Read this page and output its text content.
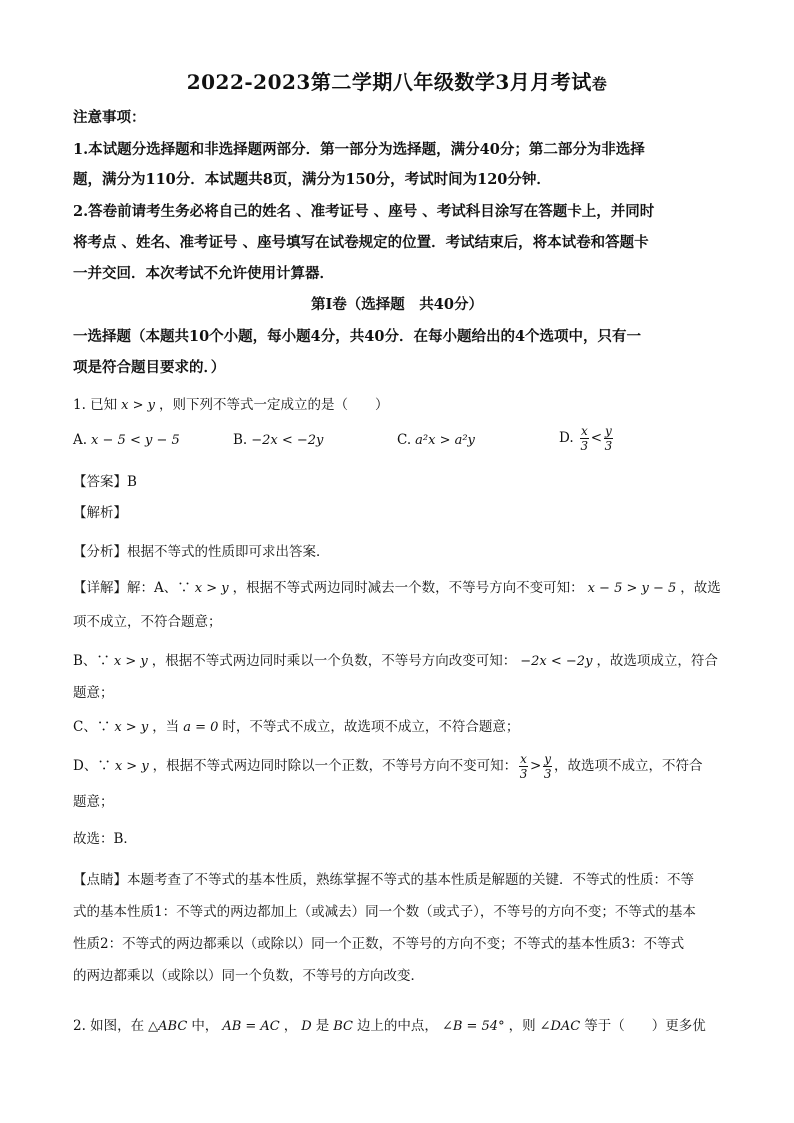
2022-2023第二学期八年级数学3月月考试卷
注意事项：
1.本试题分选择题和非选择题两部分．第一部分为选择题，满分40分；第二部分为非选择
题，满分为110分．本试题共8页，满分为150分，考试时间为120分钟．
2.答卷前请考生务必将自己的姓名 、准考证号 、座号 、考试科目涂写在答题卡上，并同时
将考点 、姓名、准考证号 、座号填写在试卷规定的位置．考试结束后，将本试卷和答题卡
一并交回．本次考试不允许使用计算器．
第I卷（选择题　共40分）
一选择题（本题共10个小题，每小题4分，共40分．在每小题给出的4个选项中，只有一
项是符合题目要求的．）
1. 已知 x > y ，则下列不等式一定成立的是（　　）
A. x − 5 < y − 5	B. −2x < −2y	C. a²x > a²y	D. $\frac{x}{3} < \frac{y}{3}$
【答案】B
【解析】
【分析】根据不等式的性质即可求出答案．
【详解】解：A、∵ x > y ，根据不等式两边同时减去一个数，不等号方向不变可知： x − 5 > y − 5 ，故选
项不成立，不符合题意；
B、∵ x > y ，根据不等式两边同时乘以一个负数，不等号方向改变可知： −2x < −2y ，故选项成立，符合
题意；
C、∵ x > y ，当 a = 0 时，不等式不成立，故选项不成立，不符合题意；
D、∵ x > y ，根据不等式两边同时除以一个正数，不等号方向不变可知： $\frac{x}{3} > \frac{y}{3}$ ，故选项不成立，不符合
题意；
故选：B．
【点睛】本题考查了不等式的基本性质，熟练掌握不等式的基本性质是解题的关键．不等式的性质：不等
式的基本性质1：不等式的两边都加上（或减去）同一个数（或式子），不等号的方向不变；不等式的基本
性质2：不等式的两边都乘以（或除以）同一个正数，不等号的方向不变；不等式的基本性质3：不等式
的两边都乘以（或除以）同一个负数，不等号的方向改变．
2. 如图，在 △ABC 中， AB = AC ， D 是 BC 边上的中点， ∠B = 54° ，则 ∠DAC 等于（　　）更多优
